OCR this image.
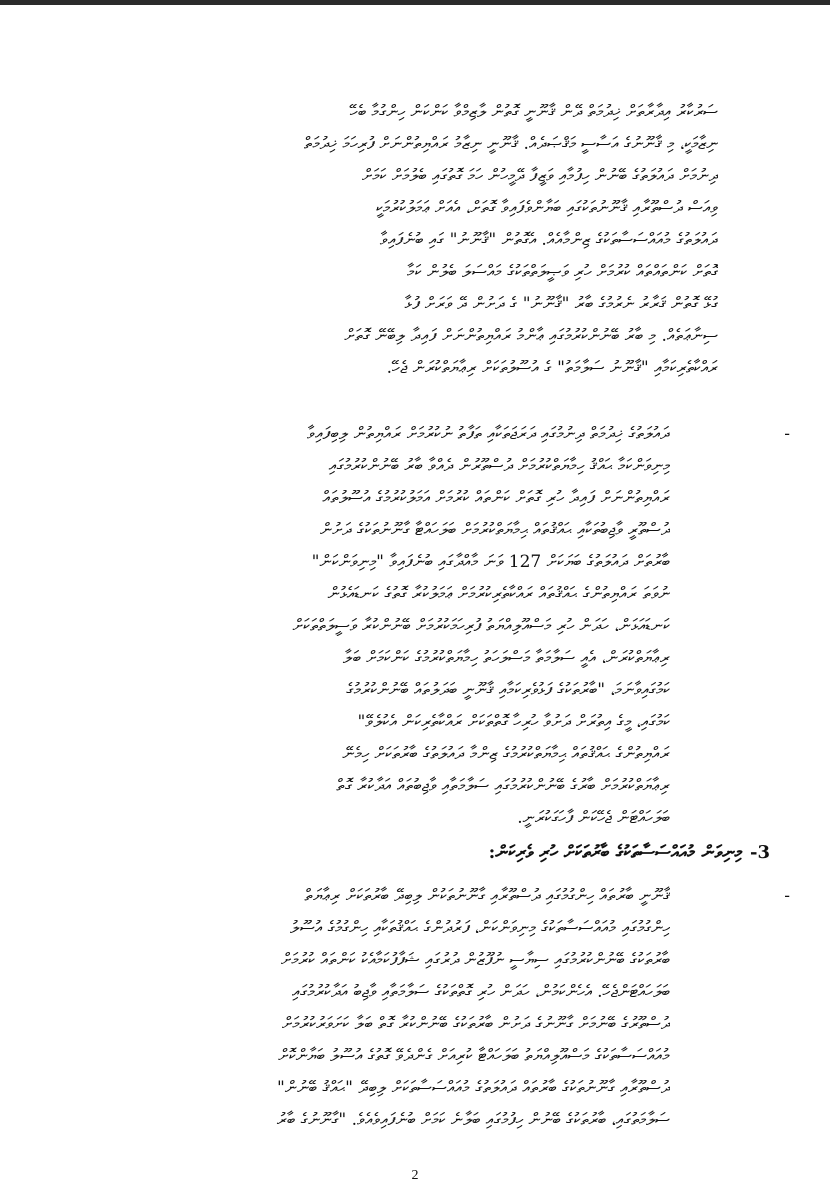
ސަރުކާރު އިދާރާތަށް ޚިދުމަތް ދޭން ޤާނޫނީ ގޮތުން ލާޒިމްވާ ކަންކަން ހިންގުމާ ބެހޭ
ނިޒާމަކީ، މި ޤާނޫނުގެ އަސާސީ މަޤްޞަދެއް. ޤާނޫނީ ނިޒާމު ރައްޔިތުންނަށް ފުރިހަމަ ޚިދުމަތް
ދިނުމަށް ދައުލަތުގެ ބޭނުން ހިފުމާއި ވަޒީފާ ދޭމީހުން ހަމަ ގޮތުގައި ބެލުމަށް ކަމަށް
ވިއަސް ދުސްތޫރާއި ޤާނޫނުތަކުގައި ބަޔާންވެފައިވާ ގޮތަށް، އެއަށް ޢަމަލުކުރުމަކީ
ދައުލަތުގެ މުއައްސަސާތަކުގެ ޒިންމާއެއް. އެގޮތުން "ޤާނޫނު" ގައި ބުނެފައިވާ
ގޮތަށް ކަންތައްތައް ކުރުމަށް ހުރި ވަޞީލަތްތަކުގެ މައްސަލަ ބެލުން ކަމާ
ގުޅޭ ގޮތުން ޤަރާރު ނެރުމުގެ ބާރު "ޤާނޫނު" ގެ ދަށުން ދޭ ވަރަށް ފުޅާ
ސިނާޢަތެއް. މި ބާރު ބޭނުންކުރުމުގައި ޢާންމު ރައްޔިތުންނަށް ފައިދާ ލިބޭނޭ ގޮތަށް
ރައްކާތެރިކަމާއި "ޤާނޫނު ސަލާމަތު" ގެ އުސޫލުތަކަށް ރިޢާޔަތްކުރަން ޖެހޭ.
-
ދައުލަތުގެ ޚިދުމަތް ދިނުމުގައި ދަރަޖަތަކާއި ތަފާތު ނުކުރުމަށް ރައްޔިތުން ލިބިފައިވާ
މިނިވަންކަމާ ޙައްޤު ހިމާޔަތްކުރުމަށް ދުސްތޫރުން ދެއްވާ ބާރު ބޭނުންކުރުމުގައި
ރައްޔިތުންނަށް ފައިދާ ހުރި ގޮތަށް ކަންތައް ކުރުމަށް އަމަލުކުރުމުގެ އުސޫލުތައް
ދުސްތޫރީ ވާޖިބުތަކާއި ޙައްޤުތައް ޙިމާޔަތްކުރުމަށް ބަލަހައްޓާ ގާނޫނުތަކުގެ ދަށުން
ބާރުތަށް ދައުލަތުގެ ބަޔަކަށް 127 ވަނަ މާއްދާގައި ބުނެފައިވާ "މިނިވަންކަން"
ނުވަތަ ރައްޔިތުންގެ ޙައްޤުތައް ރައްކާތެރިކުރުމަށް ޢަމަލުކުރާ ގޮތުގެ ކަނޑައެޅުން
ކަނޑައަޅަން، ހަދަން ހުރި މަސްއޫލިއްޔަތު ފުރިހަމަކުރުމަށް ބޭނުންކުރާ ވަސީލަތްތަކަށް
ރިޢާޔަތްކުރަން، އެއީ ސަލާމަތާ މަސްލަހަތު ހިމާޔަތްކުރުމުގެ ކަންކަމަށް ބަލާ
ކަމުގައިވާނަމަ، "ބާރުތަކުގެ ފަޅުވެރިކަމާއި ޤާނޫނީ ބަދަލުތައް ބޭނުންކުރުމުގެ
ކަމުގައި، މީގެ އިތުރަށް ދަށުވާ ހުރިހާ ގޮތްތަކަށް ރައްކާތެރިކަން އެކުލެވޭ"
ރައްޔިތުންގެ ޙައްޤުތައް ޙިމާޔަތްކުރުމުގެ ޒިންމާ ދައުލަތުގެ ބާރުތަކަށް ހިމެނޭ
ރިޢާޔަތްކުރުމަށް ބާރުގެ ބޭނުންކުރުމުގައި ސަލާމަތާއި ވާޖިބުތައް އަދާކުރާ ގޮތް
ބަލަހައްޓަން ޖެހޭކަން ފާހަގަކުރަނީ.
3-
މިނިވަން މުއައްސަސާތަކުގެ ބާރުތަކަށް ހުރި ވެރިކަން:
-
ޤާނޫނީ ބާރުތައް ހިންގުމުގައި ދުސްތޫރާއި ގާނޫނުތަކުން ލިބިދޭ ބާރުތަކަށް ރިޢާޔަތް
ހިންގުމުގައި މުއައްސަސާތަކުގެ މިނިވަންކަން، ފަރުދުންގެ ޙައްޤުތަކާއި ހިންގުމުގެ އުސޫލު
ބާރުތަކުގެ ބޭނުންކުރުމުގައި ސިޔާސީ ނުފޫޒުން ދުރުގައި ޝަފާފުކަމާއެކު ކަންތައް ކުރުމަށް
ބަލަހައްޓަންޖެހޭ. އެހެންކަމުން، ހަދަން ހުރި ގޮތްތަކުގެ ސަލާމަތާއި ވާޖިބު އަދާކުރުމުގައި
ދުސްތޫރުގެ ބޭނުމަށް ގާނޫނުގެ ދަށުން ބާރުތަކުގެ ބޭނުންކުރާ ގޮތް ބަލާ ކަށަވަރުކުރުމަށް
މުއައްސަސާތަކުގެ މަސްއޫލިއްޔަތު ބަލަހައްޓާ ކުރިއަށް ގެންދެވޭ ގޮތުގެ އުސޫލު ބަޔާންކޮށް
ދުސްތޫރާއި ގާނޫނުތަކުގެ ބާރުތައް ދައުލަތުގެ މުއައްސަސާތަކަށް ލިބިދޭ "ޙައްޤު ބޭނުން"
ސަލާމަތުގައި، ބާރުތަކުގެ ބޭނުން ހިފުމުގައި ބަލާނެ ކަމަށް ބުނެފައިވެއެވެ. "ގާނޫނުގެ ބާރު
2
